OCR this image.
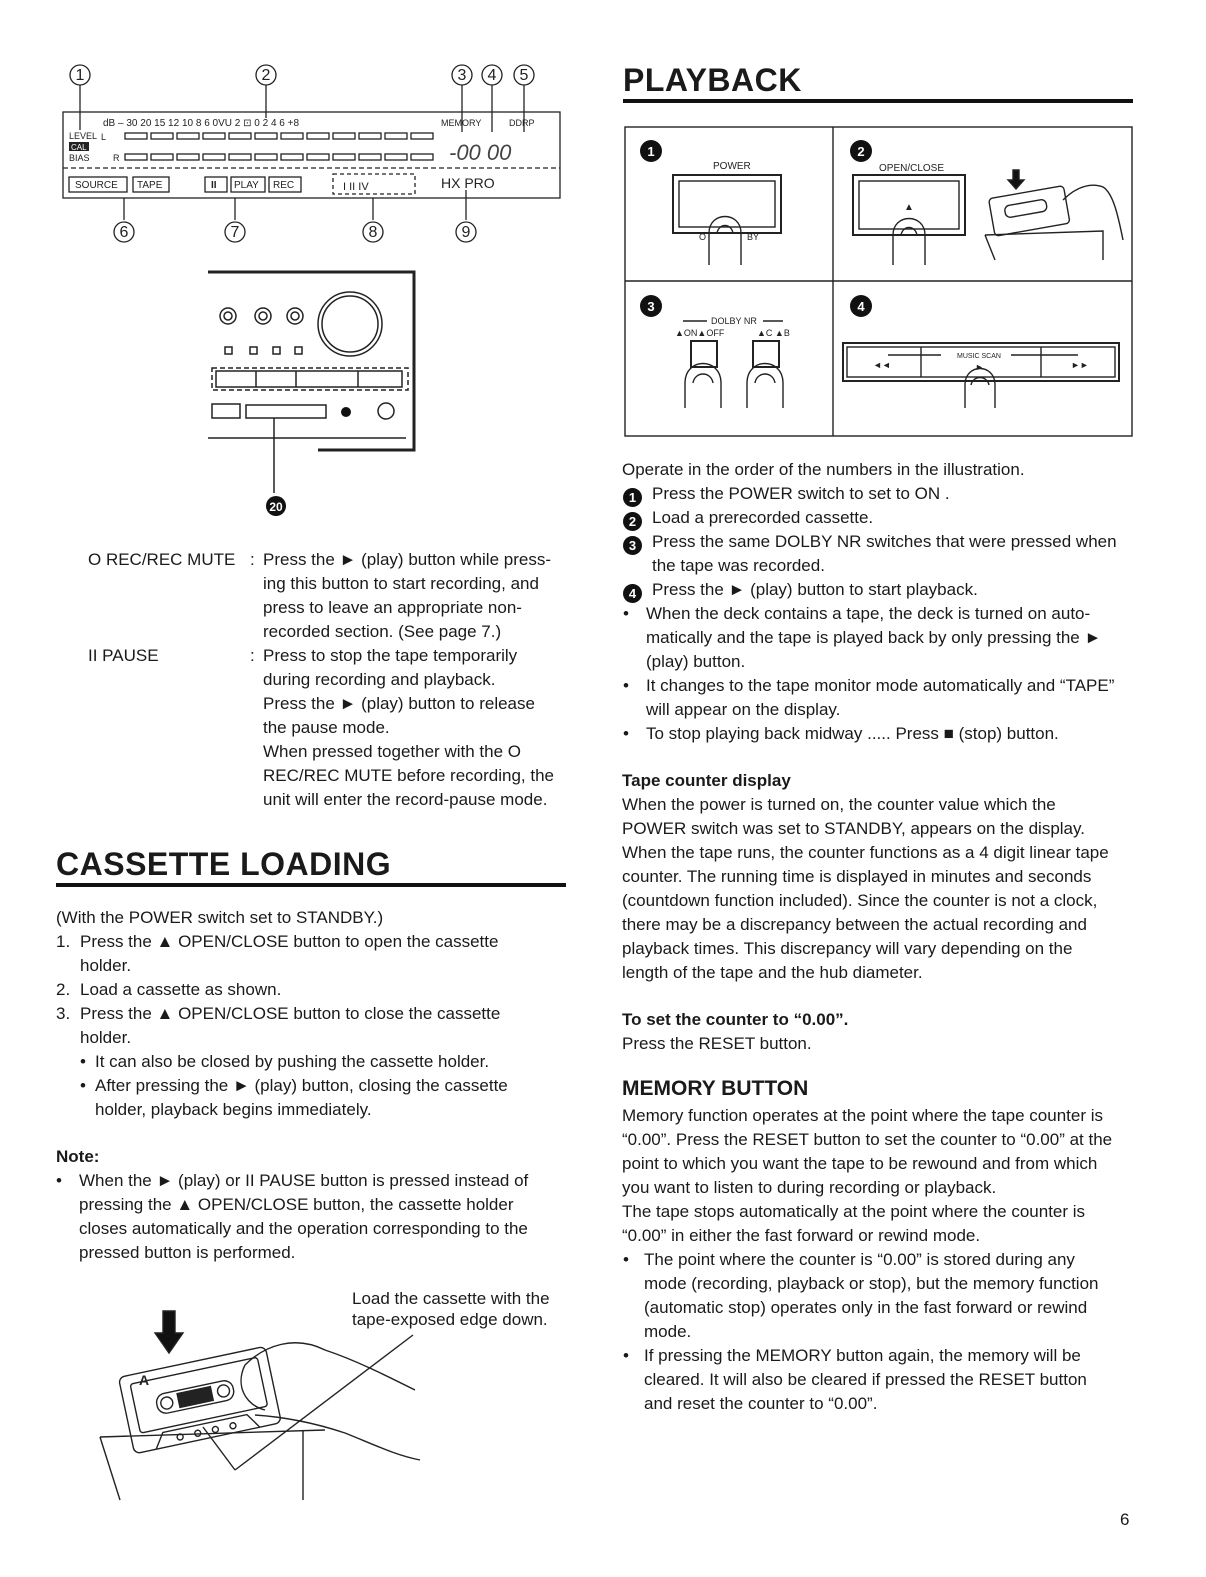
1	2	3 4 5
6	7	8	9
dB – 30 20 15 12 10 8 6 0VU 2 ⊡ 0 2 4 6 +8	MEMORY	DDRP
LEVEL
CAL
BIAS	R
L
SOURCE TAPE	II PLAY REC	I II IV	HX PRO
-00 00
20
O REC/REC MUTE : Press the ► (play) button while press-
ing this button to start recording, and
press to leave an appropriate non-
recorded section. (See page 7.)
II PAUSE	: Press to stop the tape temporarily
during recording and playback.
Press the ► (play) button to release
the pause mode.
When pressed together with the O
REC/REC MUTE before recording, the
unit will enter the record-pause mode.
CASSETTE LOADING
(With the POWER switch set to STANDBY.)
1. Press the ▲ OPEN/CLOSE button to open the cassette
holder.
2. Load a cassette as shown.
3. Press the ▲ OPEN/CLOSE button to close the cassette
holder.
• It can also be closed by pushing the cassette holder.
• After pressing the ► (play) button, closing the cassette
holder, playback begins immediately.
Note:
• When the ► (play) or II PAUSE button is pressed instead of
pressing the ▲ OPEN/CLOSE button, the cassette holder
closes automatically and the operation corresponding to the
pressed button is performed.
Load the cassette with the
tape-exposed edge down.
A
PLAYBACK
1	2
3	4
POWER
O	BY
OPEN/CLOSE
▲
DOLBY NR
▲ON▲OFF	▲C ▲B
MUSIC SCAN
◄◄	►	►►
Operate in the order of the numbers in the illustration.
1 Press the POWER switch to set to ON .
2 Load a prerecorded cassette.
3 Press the same DOLBY NR switches that were pressed when
the tape was recorded.
4 Press the ► (play) button to start playback.
• When the deck contains a tape, the deck is turned on auto-
matically and the tape is played back by only pressing the ►
(play) button.
• It changes to the tape monitor mode automatically and “TAPE”
will appear on the display.
•	To stop playing back midway ..... Press ■ (stop) button.
Tape counter display
When the power is turned on, the counter value which the
POWER switch was set to STANDBY, appears on the display.
When the tape runs, the counter functions as a 4 digit linear tape
counter. The running time is displayed in minutes and seconds
(countdown function included). Since the counter is not a clock,
there may be a discrepancy between the actual recording and
playback times. This discrepancy will vary depending on the
length of the tape and the hub diameter.
To set the counter to “0.00”.
Press the RESET button.
MEMORY BUTTON
Memory function operates at the point where the tape counter is
“0.00”. Press the RESET button to set the counter to “0.00” at the
point to which you want the tape to be rewound and from which
you want to listen to during recording or playback.
The tape stops automatically at the point where the counter is
“0.00” in either the fast forward or rewind mode.
• The point where the counter is “0.00” is stored during any
mode (recording, playback or stop), but the memory function
(automatic stop) operates only in the fast forward or rewind
mode.
• If pressing the MEMORY button again, the memory will be
cleared. It will also be cleared if pressed the RESET button
and reset the counter to “0.00”.
6
